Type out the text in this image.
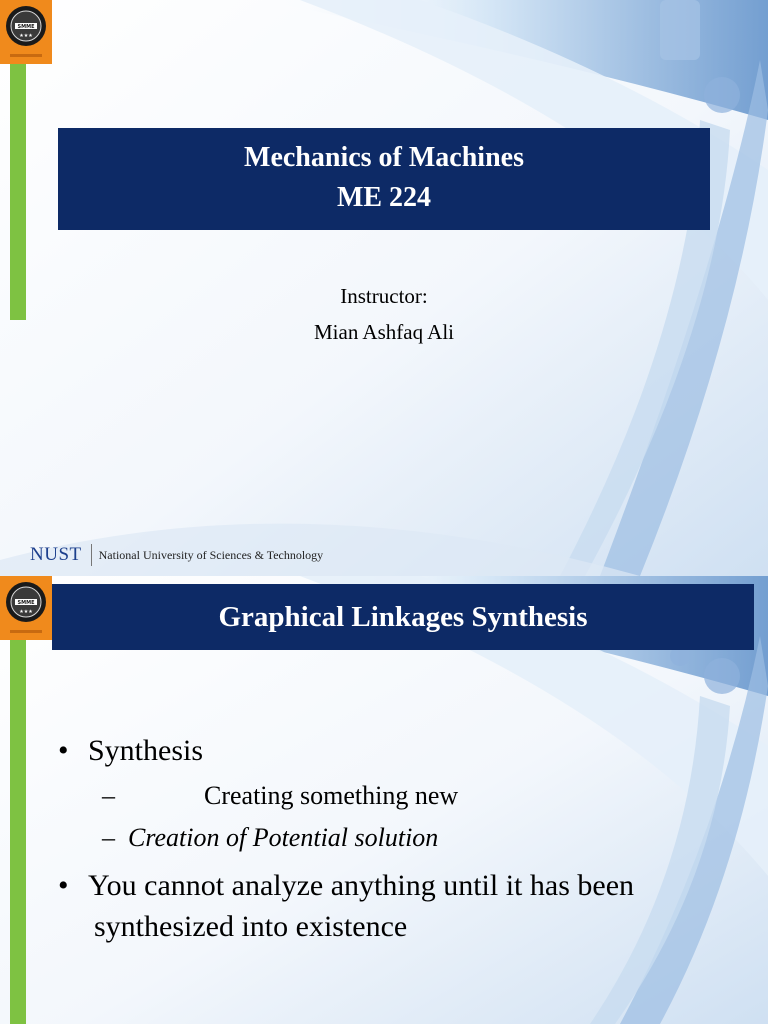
SMME
★★★
Mechanics of Machines
ME 224
Instructor:
Mian Ashfaq Ali
NUST National University of Sciences & Technology
SMME
★★★	Graphical Linkages Synthesis
• Synthesis
–	Creating something new
– Creation of Potential solution
• You cannot analyze anything until it has been
synthesized into existence
